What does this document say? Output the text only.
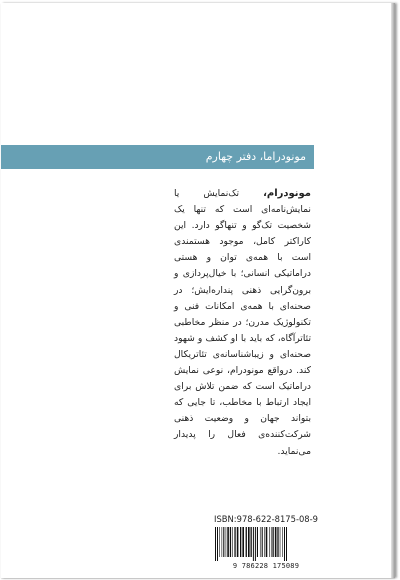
مونودراما، دفتر چهارم

مونودرام، تک‌نمایش یا نمایش‌نامه‌ای است که تنها یک شخصیت تک‌گو و تنهاگو دارد. این کاراکتر کامل، موجود هستمندی است با همه‌ی توان و هستی دراماتیکی انسانی؛ با خیال‌پردازی و برون‌گرایی ذهنی پنداره‌ایش؛ در صحنه‌ای با همه‌ی امکانات فنی و تکنولوژیک مدرن؛ در منظر مخاطبی تئاترآگاه، که باید با او کشف و شهود صحنه‌ای و زیباشناسانه‌ی تئاتریکال کند. درواقع مونودرام، نوعی نمایش دراماتیک است که ضمن تلاش برای ایجاد ارتباط با مخاطب، تا جایی که بتواند جهان و وضعیت ذهنی شرکت‌کننده‌ی فعال را پدیدار می‌نماید.

ISBN:978-622-8175-08-9
9 786228 175089
